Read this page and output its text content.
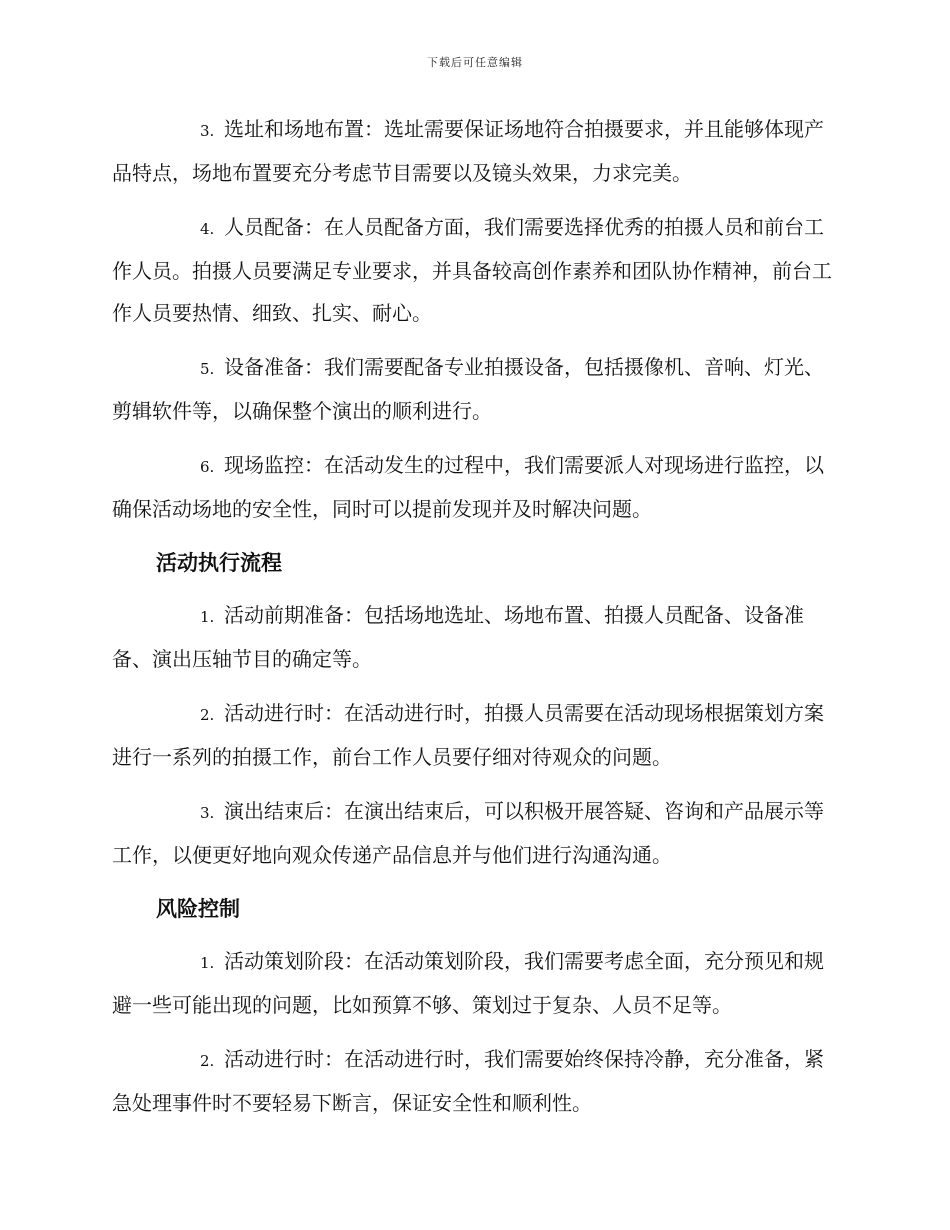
下载后可任意编辑

3. 选址和场地布置：选址需要保证场地符合拍摄要求，并且能够体现产品特点，场地布置要充分考虑节目需要以及镜头效果，力求完美。

4. 人员配备：在人员配备方面，我们需要选择优秀的拍摄人员和前台工作人员。拍摄人员要满足专业要求，并具备较高创作素养和团队协作精神，前台工作人员要热情、细致、扎实、耐心。

5. 设备准备：我们需要配备专业拍摄设备，包括摄像机、音响、灯光、剪辑软件等，以确保整个演出的顺利进行。

6. 现场监控：在活动发生的过程中，我们需要派人对现场进行监控，以确保活动场地的安全性，同时可以提前发现并及时解决问题。

活动执行流程

1. 活动前期准备：包括场地选址、场地布置、拍摄人员配备、设备准备、演出压轴节目的确定等。

2. 活动进行时：在活动进行时，拍摄人员需要在活动现场根据策划方案进行一系列的拍摄工作，前台工作人员要仔细对待观众的问题。

3. 演出结束后：在演出结束后，可以积极开展答疑、咨询和产品展示等工作，以便更好地向观众传递产品信息并与他们进行沟通沟通。

风险控制

1. 活动策划阶段：在活动策划阶段，我们需要考虑全面，充分预见和规避一些可能出现的问题，比如预算不够、策划过于复杂、人员不足等。

2. 活动进行时：在活动进行时，我们需要始终保持冷静，充分准备，紧急处理事件时不要轻易下断言，保证安全性和顺利性。
